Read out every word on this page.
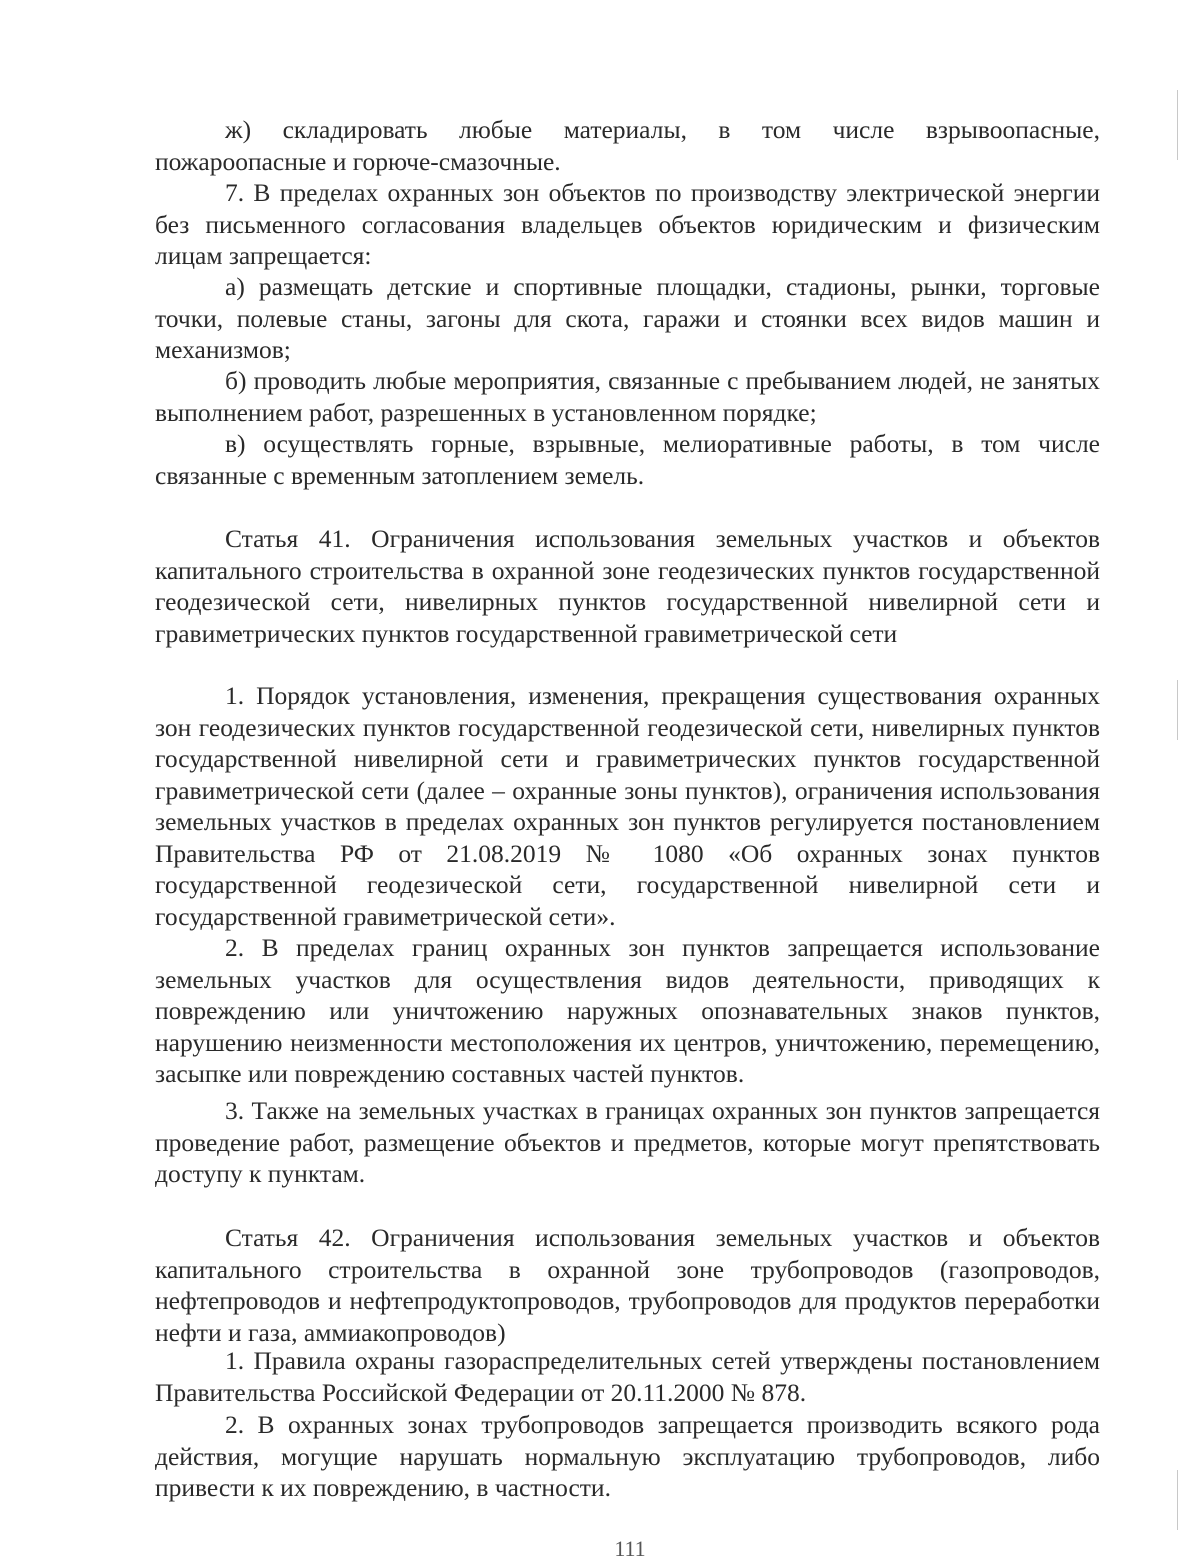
ж) складировать любые материалы, в том числе взрывоопасные, пожароопасные и горюче-смазочные.

7. В пределах охранных зон объектов по производству электрической энергии без письменного согласования владельцев объектов юридическим и физическим лицам запрещается:

а) размещать детские и спортивные площадки, стадионы, рынки, торговые точки, полевые станы, загоны для скота, гаражи и стоянки всех видов машин и механизмов;

б) проводить любые мероприятия, связанные с пребыванием людей, не занятых выполнением работ, разрешенных в установленном порядке;

в) осуществлять горные, взрывные, мелиоративные работы, в том числе связанные с временным затоплением земель.

Статья 41. Ограничения использования земельных участков и объектов капитального строительства в охранной зоне геодезических пунктов государственной геодезической сети, нивелирных пунктов государственной нивелирной сети и гравиметрических пунктов государственной гравиметрической сети

1. Порядок установления, изменения, прекращения существования охранных зон геодезических пунктов государственной геодезической сети, нивелирных пунктов государственной нивелирной сети и гравиметрических пунктов государственной гравиметрической сети (далее – охранные зоны пунктов), ограничения использования земельных участков в пределах охранных зон пунктов регулируется постановлением Правительства РФ от 21.08.2019 № 1080 «Об охранных зонах пунктов государственной геодезической сети, государственной нивелирной сети и государственной гравиметрической сети».

2. В пределах границ охранных зон пунктов запрещается использование земельных участков для осуществления видов деятельности, приводящих к повреждению или уничтожению наружных опознавательных знаков пунктов, нарушению неизменности местоположения их центров, уничтожению, перемещению, засыпке или повреждению составных частей пунктов.

3. Также на земельных участках в границах охранных зон пунктов запрещается проведение работ, размещение объектов и предметов, которые могут препятствовать доступу к пунктам.

Статья 42. Ограничения использования земельных участков и объектов капитального строительства в охранной зоне трубопроводов (газопроводов, нефтепроводов и нефтепродуктопроводов, трубопроводов для продуктов переработки нефти и газа, аммиакопроводов)

1. Правила охраны газораспределительных сетей утверждены постановлением Правительства Российской Федерации от 20.11.2000 № 878.

2. В охранных зонах трубопроводов запрещается производить всякого рода действия, могущие нарушать нормальную эксплуатацию трубопроводов, либо привести к их повреждению, в частности.

111
